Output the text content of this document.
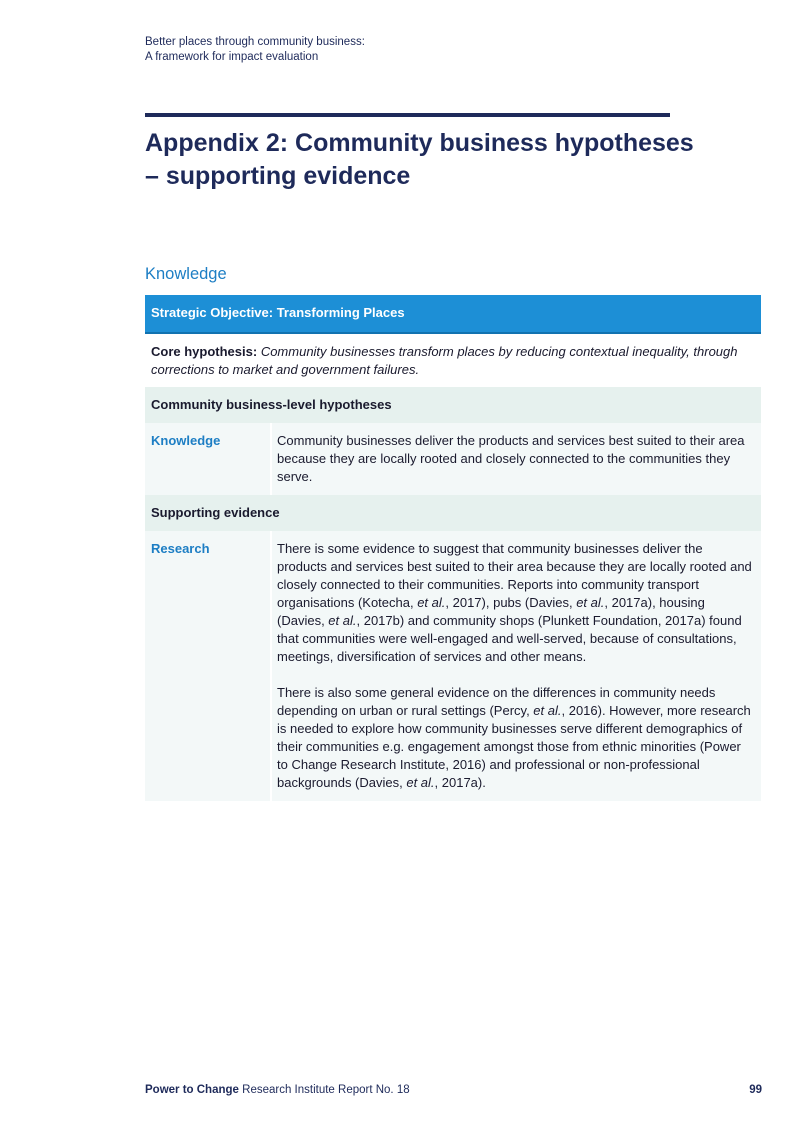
Better places through community business:
A framework for impact evaluation
Appendix 2: Community business hypotheses – supporting evidence
Knowledge
Strategic Objective: Transforming Places
Core hypothesis: Community businesses transform places by reducing contextual inequality, through corrections to market and government failures.
Community business-level hypotheses
Knowledge	Community businesses deliver the products and services best suited to their area because they are locally rooted and closely connected to the communities they serve.
Supporting evidence
Research	There is some evidence to suggest that community businesses deliver the products and services best suited to their area because they are locally rooted and closely connected to their communities. Reports into community transport organisations (Kotecha, et al., 2017), pubs (Davies, et al., 2017a), housing (Davies, et al., 2017b) and community shops (Plunkett Foundation, 2017a) found that communities were well-engaged and well-served, because of consultations, meetings, diversification of services and other means.

There is also some general evidence on the differences in community needs depending on urban or rural settings (Percy, et al., 2016). However, more research is needed to explore how community businesses serve different demographics of their communities e.g. engagement amongst those from ethnic minorities (Power to Change Research Institute, 2016) and professional or non-professional backgrounds (Davies, et al., 2017a).

Power to Change Research Institute Report No. 18	99
